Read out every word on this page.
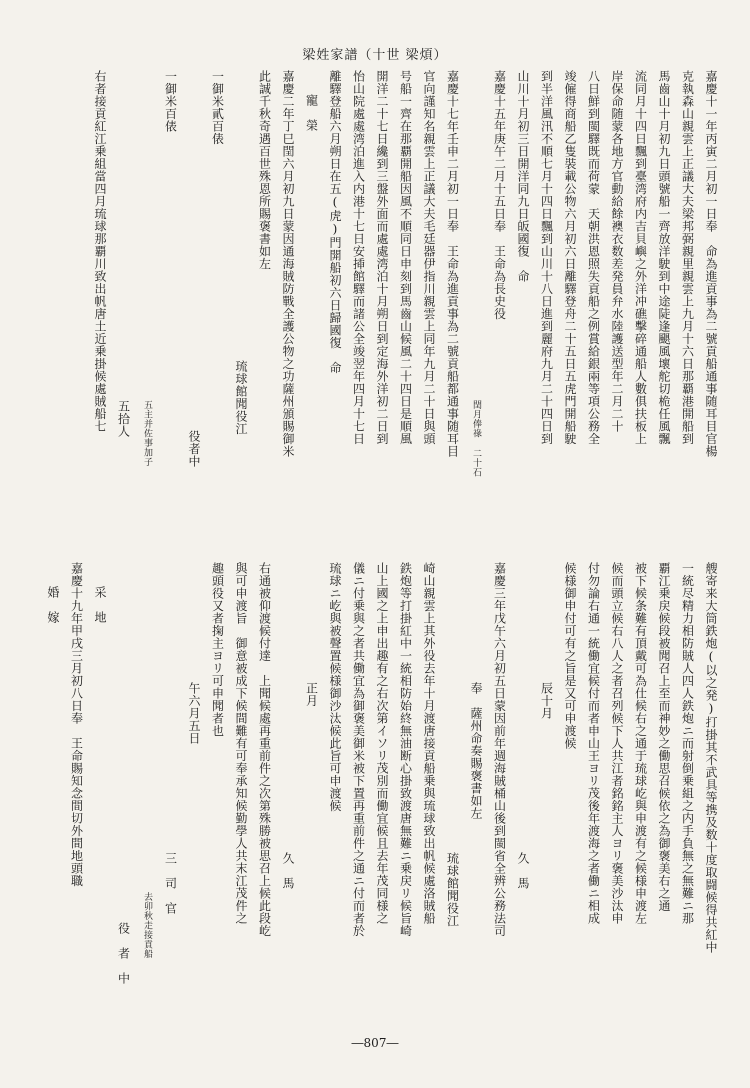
梁姓家譜（十世 梁煩）
嘉慶十一年丙寅二月初一日奉　命為進貢事為二號貢船通事随耳目官楊
克執森山親雲上正議大夫梁邦弼親里親雲上九月十六日那覇港開船到
馬齒山十月初九日頭號船一齊放洋駛到中途陡逢颶風壞舵切桅任風飄
流同月十四日飄到臺湾府内吉貝嶼之外洋冲礁擊碎通船人數俱扶板上
岸保命随蒙各地方官動給餘襖衣数差発員弁水陸護送型年二月二十
八日鮮到閩驛既而荷蒙　天朝洪恩照失貢船之例賞給銀兩等項公務全
竣僱得商船乙隻裝載公物六月初六日離驛登舟二十五日五虎門開船駛
到半洋風汛不順七月十四日飄到山川十八日進到麗府九月二十四日到
山川十月初三日開洋同九日皈國復　命
嘉慶十五年庚午二月十五日奉　王命為長史役
閏月俸祿 二十石
嘉慶十七年壬申二月初一日奉　王命為進貢事為二號貢船都通事随耳目
官向謹知名親雲上正議大夫毛廷器伊指川親雲上同年九月二十日與頭
号船一齊在那覇開船因風不順同日申刻到馬齒山候風二十四日是順風
開洋二十七日纔到三盤外面而處處湾泊十月朔日到定海外洋初二日到
怡山院處處湾泊進入内港十七日安揷館驛而諸公全竣翌年四月十七日
離驛登船六月朔日在五(虎)門開船初六日歸國復　命
寵　榮
嘉慶二年丁巳閏六月初九日蒙因通海賊防戰全護公物之功薩州頒賜御米
此誠千秋奇遇百世殊恩所賜褒書如左
琉球館聞役江
一御米貳百俵
役者中
一御米百俵
五主并佐事加子
五拾人
右者接貢紅江乗組當四月琉球那覇川致出帆唐土近乗掛候處賊船七
艘寄来大筒鉄炮(以之発)打掛其不武具等携及数十度取闘候得共紅中
一統尽精力相防賊人四人鉄炮ニ而射倒乗組之内手負無之無難ニ那
覇江乗戻候段被聞召上至而神妙之働思召候依之為御褒美右之通
被下候条難有頂戴可為仕候右之通于琉球屹與申渡有之候様申渡左
候而頭立候右八人之者召列候下人共江者銘銘主人ヨリ褒美沙汰申
付勿論右通一統働宜候付而者申山王ヨリ茂後年渡海之者働ニ相成
候様御申付可有之旨是又可申渡候
辰十月
久　馬
嘉慶三年戊午六月初五日蒙因前年週海賊桶山後到閩省全辨公務法司
奉　薩州命奏賜褒書如左
琉球館聞役江
崎山親雲上其外役去年十月渡唐接貢船乗與琉球致出帆候處洛賊船
鉄炮等打掛紅中一統相防始終無油断心掛致渡唐無難ニ乗戻リ候旨崎
山上國之上申出趣有之右次第イソリ茂別而働宜候且去年茂同様之
儀ニ付乗與之者共働宜為御褒美御米被下置再重前件之通ニ付而者於
琉球ニ屹與被聲置候様御沙汰候此旨可申渡候
正月
久　馬
右通被仰渡候付達　上聞候處再重前件之次第殊勝被思召上候此段屹
與可申渡旨　御意被成下候間難有可奉承知候勤學人共末江茂件之
趣頭役又者掬主ヨリ可申聞者也
午六月五日
三　司　官
去卯秋走接貢船
役　者　中
采　地
嘉慶十九年甲戌三月初八日奉　王命賜知念間切外間地頭職
婚　嫁
―807―
